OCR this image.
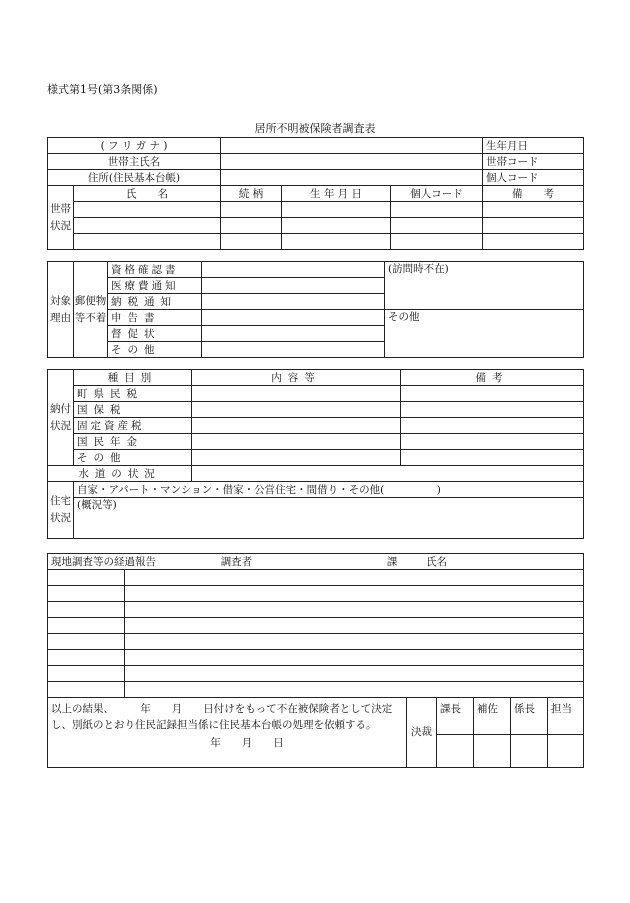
様式第1号(第3条関係)
居所不明被保険者調査表
( フ リ ガ ナ )					生年月日
世帯主氏名					世帯コード
住所(住民基本台帳)					個人コード
世帯状況	氏　　名	続 柄	生 年 月 日	個人コード	備　　考

対象理由	郵便物等不着	資格確認書		(訪問時不在)
		医療費通知		
		納税通知		
		申告書		その他
		督促状		
		その他		
納付状況	種目別	内容等	備考
	町県民税		
	国保税		
	固定資産税		
	国民年金		
	その他		
水道の状況			
住宅状況	自家・アパート・マンション・借家・公営住宅・間借り・その他(　　　　　)		
	(概況等)		
現地調査等の経過報告 調査者 課 氏名						

以上の結果、　　　年　　月　　日付けをもって不在被保険者として決定し、別紙のとおり住民記録担当係に住民基本台帳の処理を依頼する。
年　　月　　日		決裁	課長	補佐	係長	担当
